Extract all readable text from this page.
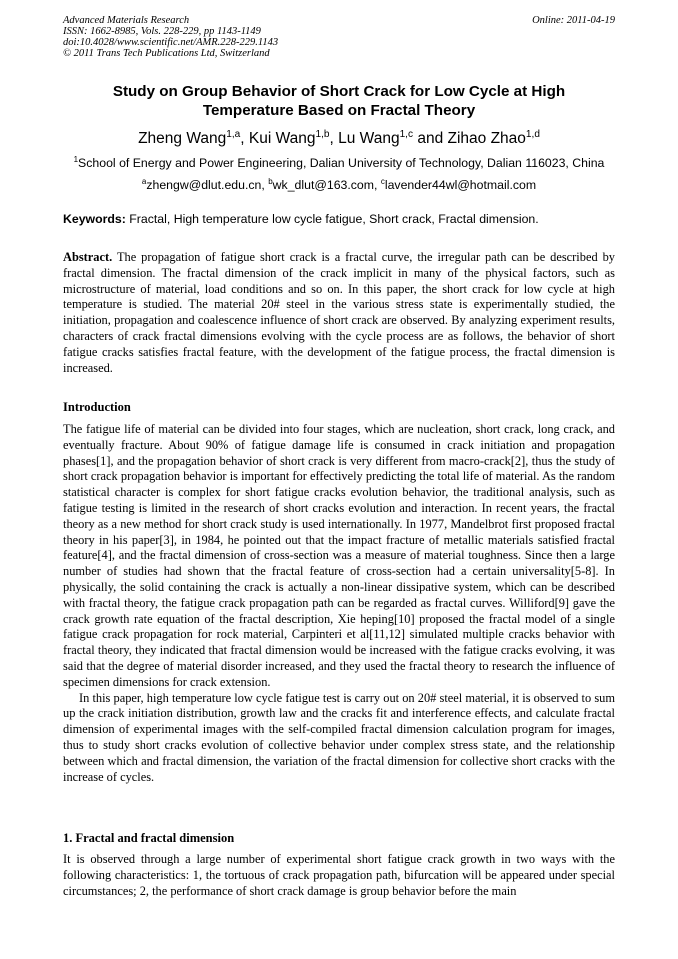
Advanced Materials Research
ISSN: 1662-8985, Vols. 228-229, pp 1143-1149
doi:10.4028/www.scientific.net/AMR.228-229.1143
© 2011 Trans Tech Publications Ltd, Switzerland
Online: 2011-04-19
Study on Group Behavior of Short Crack for Low Cycle at High
Temperature Based on Fractal Theory
Zheng Wang$^{1,a}$, Kui Wang$^{1,b}$, Lu Wang$^{1,c}$ and Zihao Zhao$^{1,d}$
$^1$School of Energy and Power Engineering, Dalian University of Technology, Dalian 116023, China
$^a$zhengw@dlut.edu.cn, $^b$wk_dlut@163.com, $^c$lavender44wl@hotmail.com
Keywords: Fractal, High temperature low cycle fatigue, Short crack, Fractal dimension.

Abstract. The propagation of fatigue short crack is a fractal curve, the irregular path can be described by fractal dimension. The fractal dimension of the crack implicit in many of the physical factors, such as microstructure of material, load conditions and so on. In this paper, the short crack for low cycle at high temperature is studied. The material 20# steel in the various stress state is experimentally studied, the initiation, propagation and coalescence influence of short crack are observed. By analyzing experiment results, characters of crack fractal dimensions evolving with the cycle process are as follows, the behavior of short fatigue cracks satisfies fractal feature, with the development of the fatigue process, the fractal dimension is increased.

Introduction

The fatigue life of material can be divided into four stages, which are nucleation, short crack, long crack, and eventually fracture. About 90% of fatigue damage life is consumed in crack initiation and propagation phases[1], and the propagation behavior of short crack is very different from macro-crack[2], thus the study of short crack propagation behavior is important for effectively predicting the total life of material. As the random statistical character is complex for short fatigue cracks evolution behavior, the traditional analysis, such as fatigue testing is limited in the research of short cracks evolution and interaction. In recent years, the fractal theory as a new method for short crack study is used internationally. In 1977, Mandelbrot first proposed fractal theory in his paper[3], in 1984, he pointed out that the impact fracture of metallic materials satisfied fractal feature[4], and the fractal dimension of cross-section was a measure of material toughness. Since then a large number of studies had shown that the fractal feature of cross-section had a certain universality[5-8]. In physically, the solid containing the crack is actually a non-linear dissipative system, which can be described with fractal theory, the fatigue crack propagation path can be regarded as fractal curves. Williford[9] gave the crack growth rate equation of the fractal description, Xie heping[10] proposed the fractal model of a single fatigue crack propagation for rock material, Carpinteri et al[11,12] simulated multiple cracks behavior with fractal theory, they indicated that fractal dimension would be increased with the fatigue cracks evolving, it was said that the degree of material disorder increased, and they used the fractal theory to research the influence of specimen dimensions for crack extension.

In this paper, high temperature low cycle fatigue test is carry out on 20# steel material, it is observed to sum up the crack initiation distribution, growth law and the cracks fit and interference effects, and calculate fractal dimension of experimental images with the self-compiled fractal dimension calculation program for images, thus to study short cracks evolution of collective behavior under complex stress state, and the relationship between which and fractal dimension, the variation of the fractal dimension for collective short cracks with the increase of cycles.

1. Fractal and fractal dimension

It is observed through a large number of experimental short fatigue crack growth in two ways with the following characteristics: 1, the tortuous of crack propagation path, bifurcation will be appeared under special circumstances; 2, the performance of short crack damage is group behavior before the main
